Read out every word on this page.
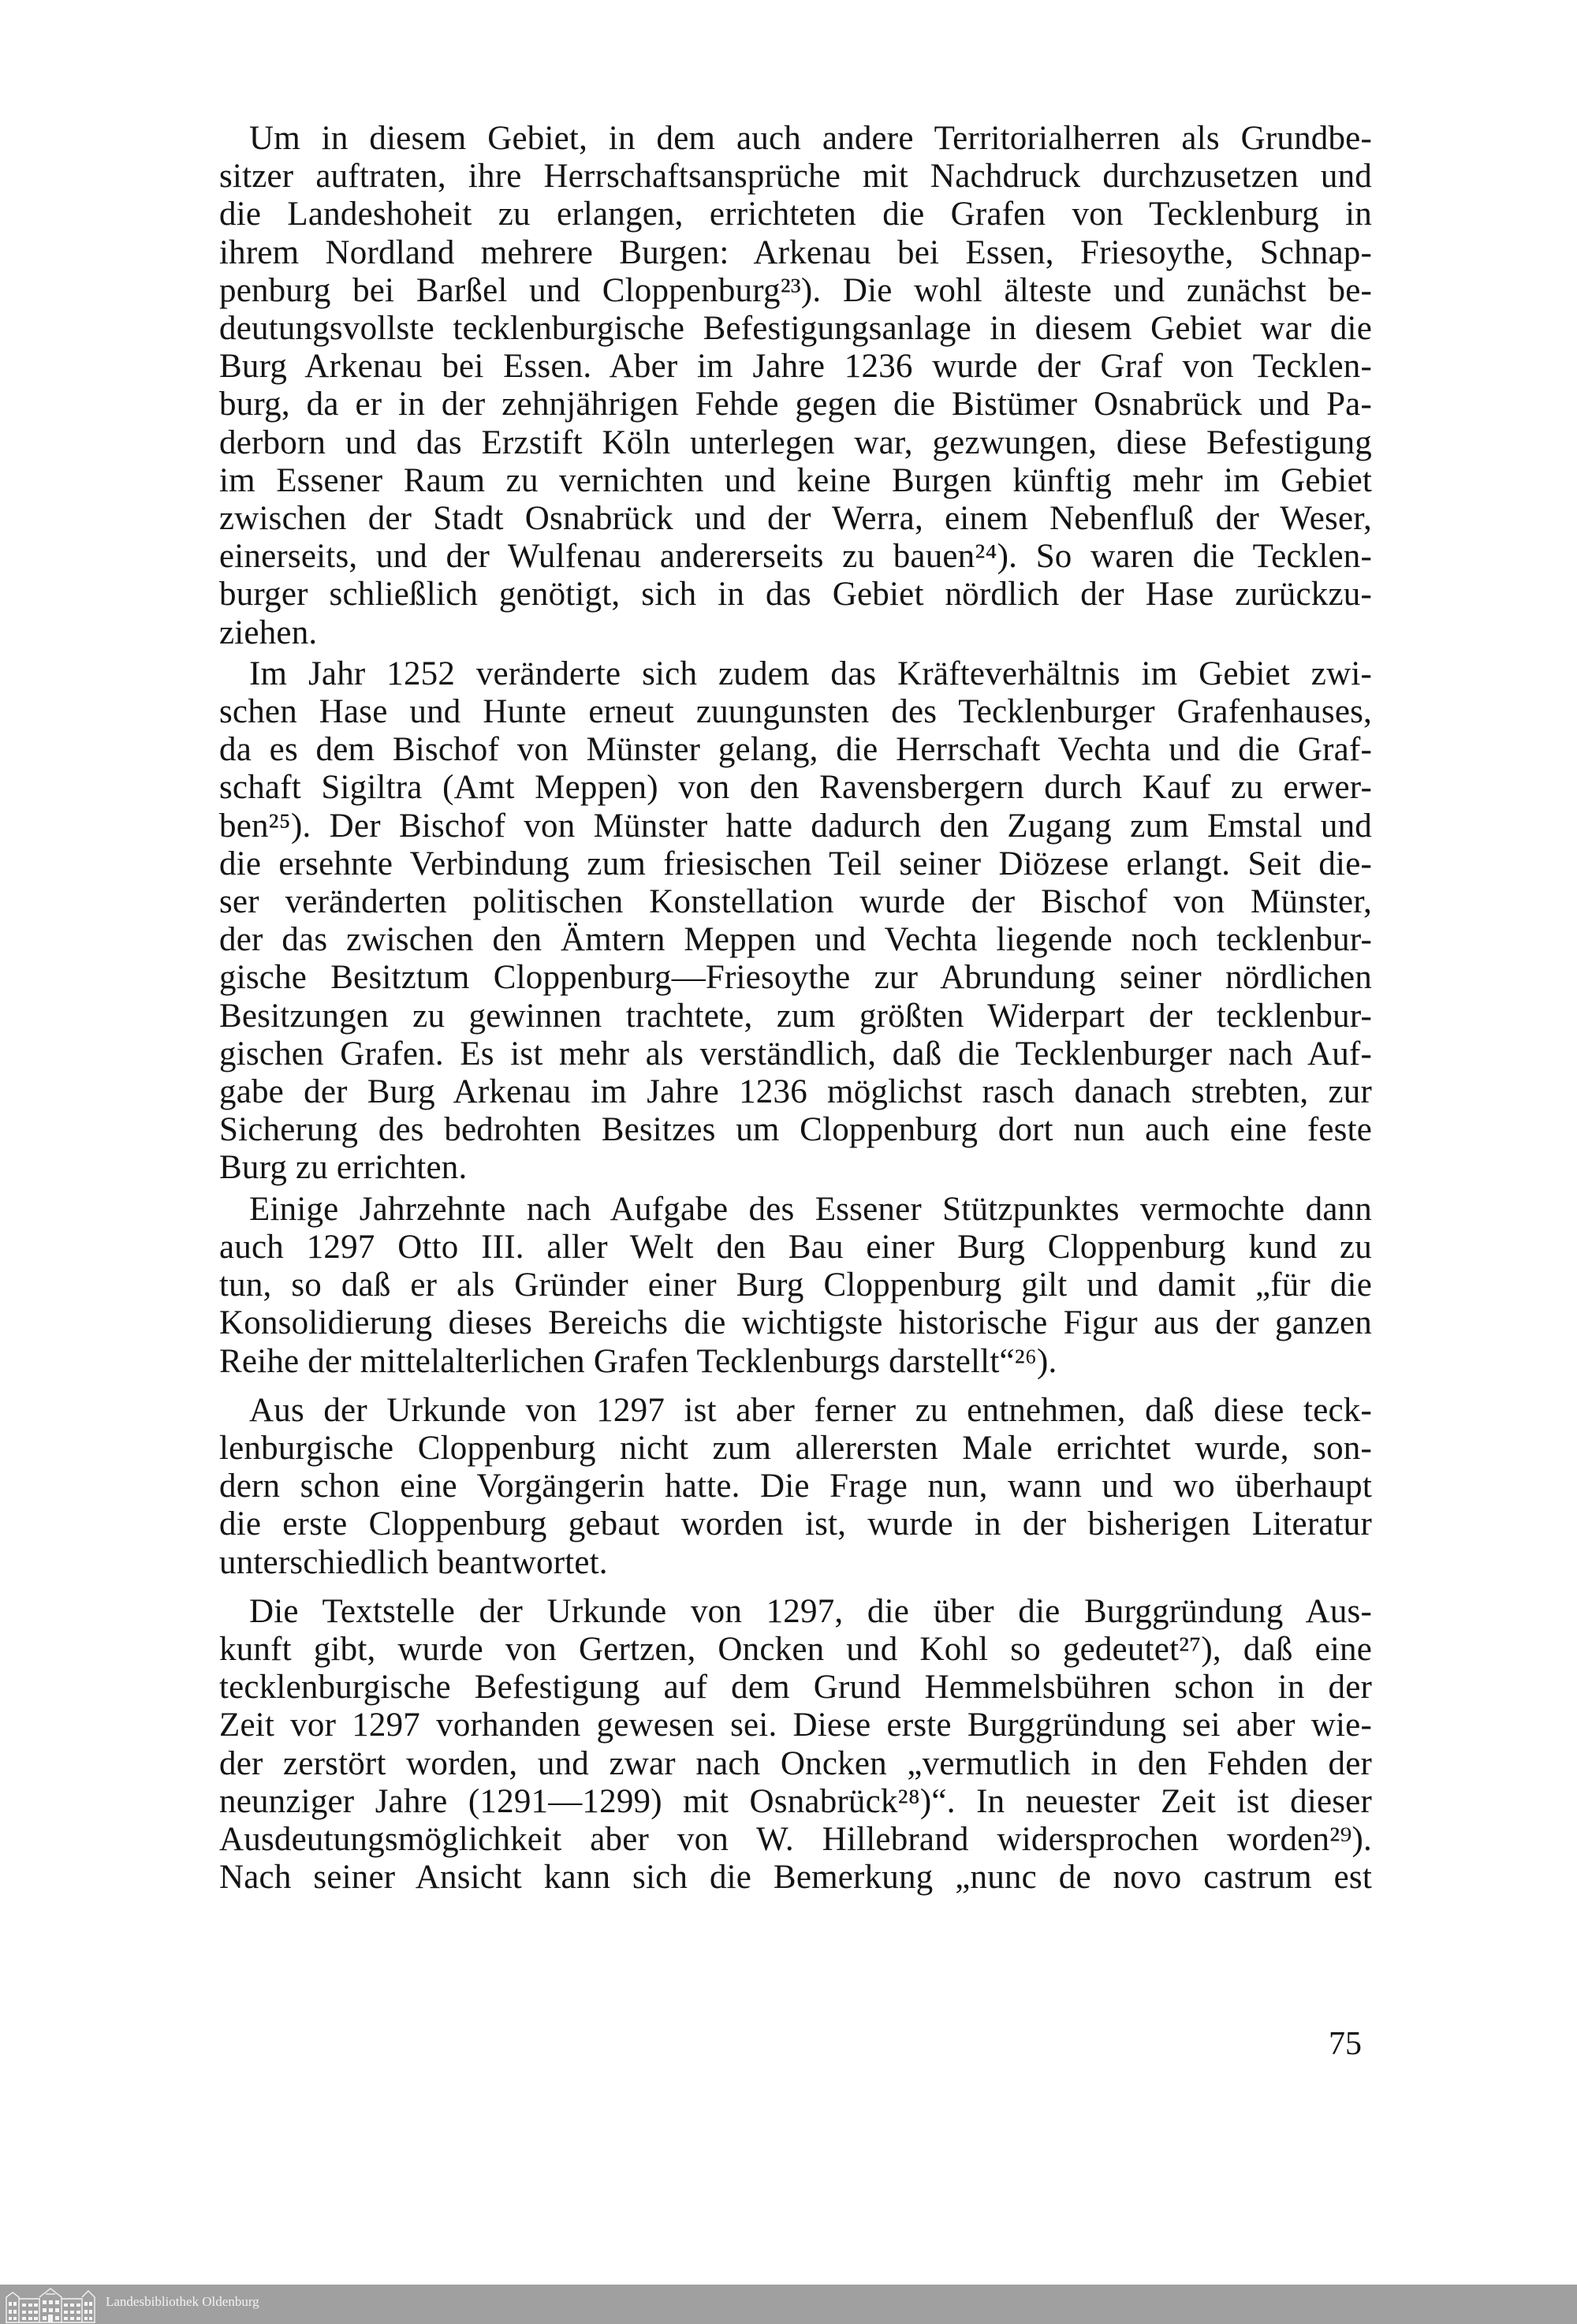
Um in diesem Gebiet, in dem auch andere Territorialherren als Grundbe-
sitzer auftraten, ihre Herrschaftsansprüche mit Nachdruck durchzusetzen und
die Landeshoheit zu erlangen, errichteten die Grafen von Tecklenburg in
ihrem Nordland mehrere Burgen: Arkenau bei Essen, Friesoythe, Schnap-
penburg bei Barßel und Cloppenburg²³). Die wohl älteste und zunächst be-
deutungsvollste tecklenburgische Befestigungsanlage in diesem Gebiet war die
Burg Arkenau bei Essen. Aber im Jahre 1236 wurde der Graf von Tecklen-
burg, da er in der zehnjährigen Fehde gegen die Bistümer Osnabrück und Pa-
derborn und das Erzstift Köln unterlegen war, gezwungen, diese Befestigung
im Essener Raum zu vernichten und keine Burgen künftig mehr im Gebiet
zwischen der Stadt Osnabrück und der Werra, einem Nebenfluß der Weser,
einerseits, und der Wulfenau andererseits zu bauen²⁴). So waren die Tecklen-
burger schließlich genötigt, sich in das Gebiet nördlich der Hase zurückzu-
ziehen.

Im Jahr 1252 veränderte sich zudem das Kräfteverhältnis im Gebiet zwi-
schen Hase und Hunte erneut zuungunsten des Tecklenburger Grafenhauses,
da es dem Bischof von Münster gelang, die Herrschaft Vechta und die Graf-
schaft Sigiltra (Amt Meppen) von den Ravensbergern durch Kauf zu erwer-
ben²⁵). Der Bischof von Münster hatte dadurch den Zugang zum Emstal und
die ersehnte Verbindung zum friesischen Teil seiner Diözese erlangt. Seit die-
ser veränderten politischen Konstellation wurde der Bischof von Münster,
der das zwischen den Ämtern Meppen und Vechta liegende noch tecklenbur-
gische Besitztum Cloppenburg—Friesoythe zur Abrundung seiner nördlichen
Besitzungen zu gewinnen trachtete, zum größten Widerpart der tecklenbur-
gischen Grafen. Es ist mehr als verständlich, daß die Tecklenburger nach Auf-
gabe der Burg Arkenau im Jahre 1236 möglichst rasch danach strebten, zur
Sicherung des bedrohten Besitzes um Cloppenburg dort nun auch eine feste
Burg zu errichten.

Einige Jahrzehnte nach Aufgabe des Essener Stützpunktes vermochte dann
auch 1297 Otto III. aller Welt den Bau einer Burg Cloppenburg kund zu
tun, so daß er als Gründer einer Burg Cloppenburg gilt und damit „für die
Konsolidierung dieses Bereichs die wichtigste historische Figur aus der ganzen
Reihe der mittelalterlichen Grafen Tecklenburgs darstellt“²⁶).

Aus der Urkunde von 1297 ist aber ferner zu entnehmen, daß diese teck-
lenburgische Cloppenburg nicht zum allerersten Male errichtet wurde, son-
dern schon eine Vorgängerin hatte. Die Frage nun, wann und wo überhaupt
die erste Cloppenburg gebaut worden ist, wurde in der bisherigen Literatur
unterschiedlich beantwortet.

Die Textstelle der Urkunde von 1297, die über die Burggründung Aus-
kunft gibt, wurde von Gertzen, Oncken und Kohl so gedeutet²⁷), daß eine
tecklenburgische Befestigung auf dem Grund Hemmelsbühren schon in der
Zeit vor 1297 vorhanden gewesen sei. Diese erste Burggründung sei aber wie-
der zerstört worden, und zwar nach Oncken „vermutlich in den Fehden der
neunziger Jahre (1291—1299) mit Osnabrück²⁸)“. In neuester Zeit ist dieser
Ausdeutungsmöglichkeit aber von W. Hillebrand widersprochen worden²⁹).
Nach seiner Ansicht kann sich die Bemerkung „nunc de novo castrum est

75
Landesbibliothek Oldenburg
